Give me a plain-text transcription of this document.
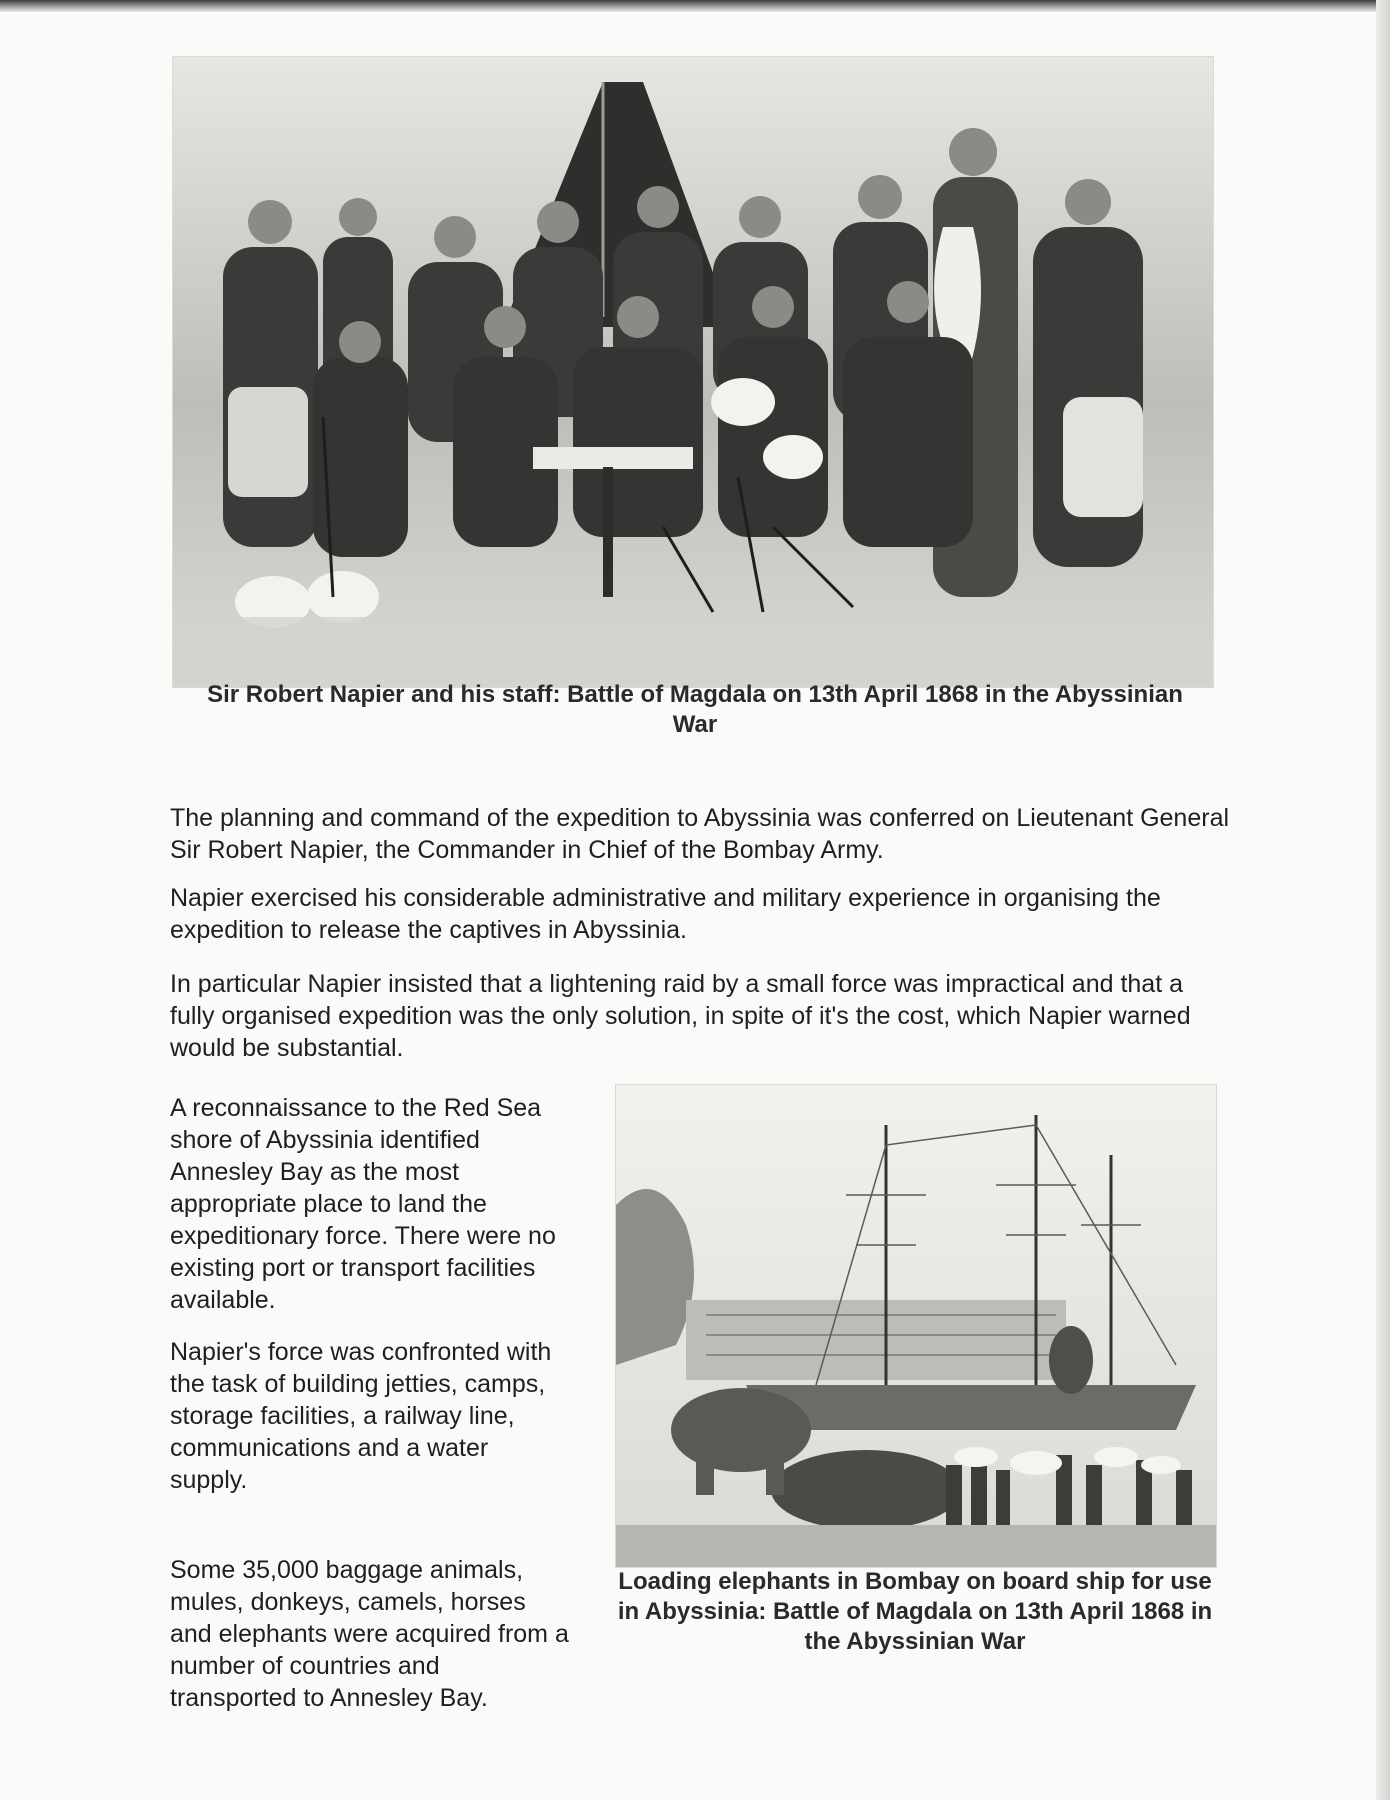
Sir Robert Napier and his staff: Battle of Magdala on 13th April 1868 in the Abyssinian War

The planning and command of the expedition to Abyssinia was conferred on Lieutenant General Sir Robert Napier, the Commander in Chief of the Bombay Army.

Napier exercised his considerable administrative and military experience in organising the expedition to release the captives in Abyssinia.

In particular Napier insisted that a lightening raid by a small force was impractical and that a fully organised expedition was the only solution, in spite of it's the cost, which Napier warned would be substantial.

A reconnaissance to the Red Sea shore of Abyssinia identified Annesley Bay as the most appropriate place to land the expeditionary force. There were no existing port or transport facilities available.

Napier's force was confronted with the task of building jetties, camps, storage facilities, a railway line, communications and a water supply.

Some 35,000 baggage animals, mules, donkeys, camels, horses and elephants were acquired from a number of countries and transported to Annesley Bay.

Loading elephants in Bombay on board ship for use in Abyssinia: Battle of Magdala on 13th April 1868 in the Abyssinian War
